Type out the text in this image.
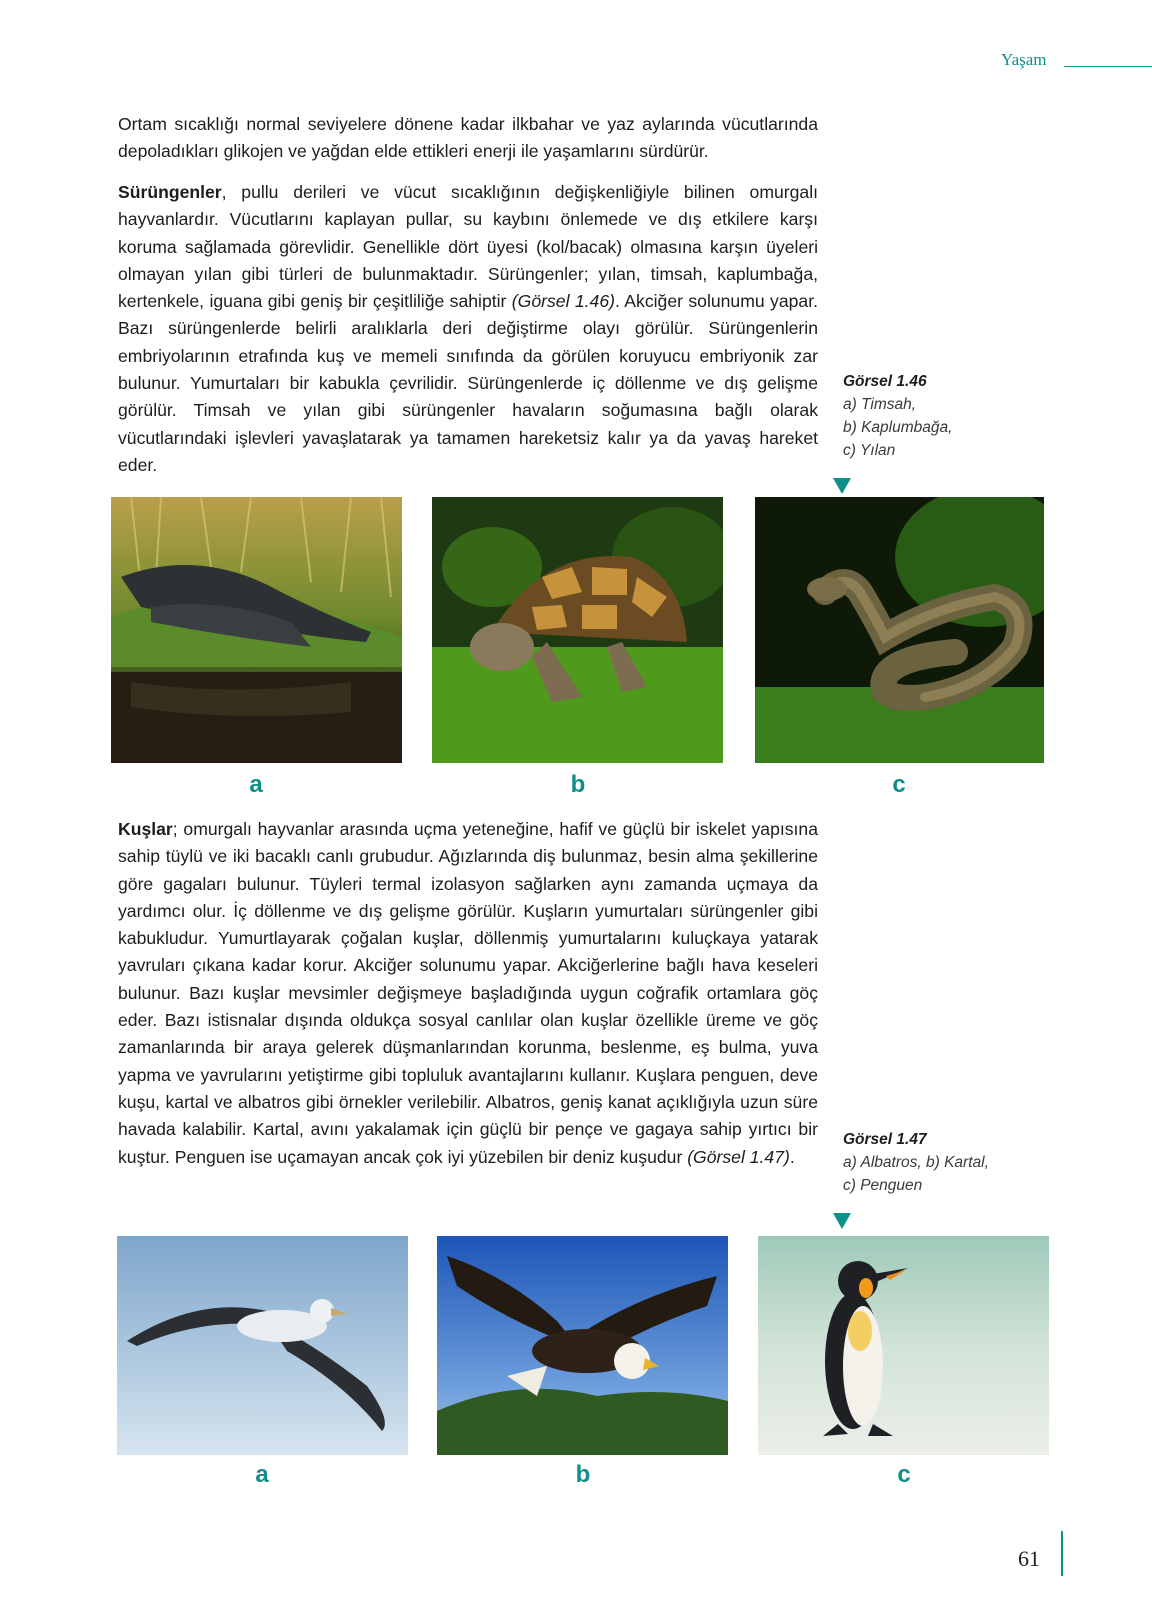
Yaşam

Ortam sıcaklığı normal seviyelere dönene kadar ilkbahar ve yaz aylarında vücutlarında depoladıkları glikojen ve yağdan elde ettikleri enerji ile yaşamlarını sürdürür.

Sürüngenler, pullu derileri ve vücut sıcaklığının değişkenliğiyle bilinen omurgalı hayvanlardır. Vücutlarını kaplayan pullar, su kaybını önlemede ve dış etkilere karşı koruma sağlamada görevlidir. Genellikle dört üyesi (kol/bacak) olmasına karşın üyeleri olmayan yılan gibi türleri de bulunmaktadır. Sürüngenler; yılan, timsah, kaplumbağa, kertenkele, iguana gibi geniş bir çeşitliliğe sahiptir (Görsel 1.46). Akciğer solunumu yapar. Bazı sürüngenlerde belirli aralıklarla deri değiştirme olayı görülür. Sürüngenlerin embriyolarının etrafında kuş ve memeli sınıfında da görülen koruyucu embriyonik zar bulunur. Yumurtaları bir kabukla çevrilidir. Sürüngenlerde iç döllenme ve dış gelişme görülür. Timsah ve yılan gibi sürüngenler havaların soğumasına bağlı olarak vücutlarındaki işlevleri yavaşlatarak ya tamamen hareketsiz kalır ya da yavaş hareket eder.

Görsel 1.46
a) Timsah,
b) Kaplumbağa,
c) Yılan
a	b	c

Kuşlar; omurgalı hayvanlar arasında uçma yeteneğine, hafif ve güçlü bir iskelet yapısına sahip tüylü ve iki bacaklı canlı grubudur. Ağızlarında diş bulunmaz, besin alma şekillerine göre gagaları bulunur. Tüyleri termal izolasyon sağlarken aynı zamanda uçmaya da yardımcı olur. İç döllenme ve dış gelişme görülür. Kuşların yumurtaları sürüngenler gibi kabukludur. Yumurtlayarak çoğalan kuşlar, döllenmiş yumurtalarını kuluçkaya yatarak yavruları çıkana kadar korur. Akciğer solunumu yapar. Akciğerlerine bağlı hava keseleri bulunur. Bazı kuşlar mevsimler değişmeye başladığında uygun coğrafik ortamlara göç eder. Bazı istisnalar dışında oldukça sosyal canlılar olan kuşlar özellikle üreme ve göç zamanlarında bir araya gelerek düşmanlarından korunma, beslenme, eş bulma, yuva yapma ve yavrularını yetiştirme gibi topluluk avantajlarını kullanır. Kuşlara penguen, deve kuşu, kartal ve albatros gibi örnekler verilebilir. Albatros, geniş kanat açıklığıyla uzun süre havada kalabilir. Kartal, avını yakalamak için güçlü bir pençe ve gagaya sahip yırtıcı bir kuştur. Penguen ise uçamayan ancak çok iyi yüzebilen bir deniz kuşudur (Görsel 1.47).

Görsel 1.47
a) Albatros, b) Kartal,
c) Penguen
a	b	c
61
